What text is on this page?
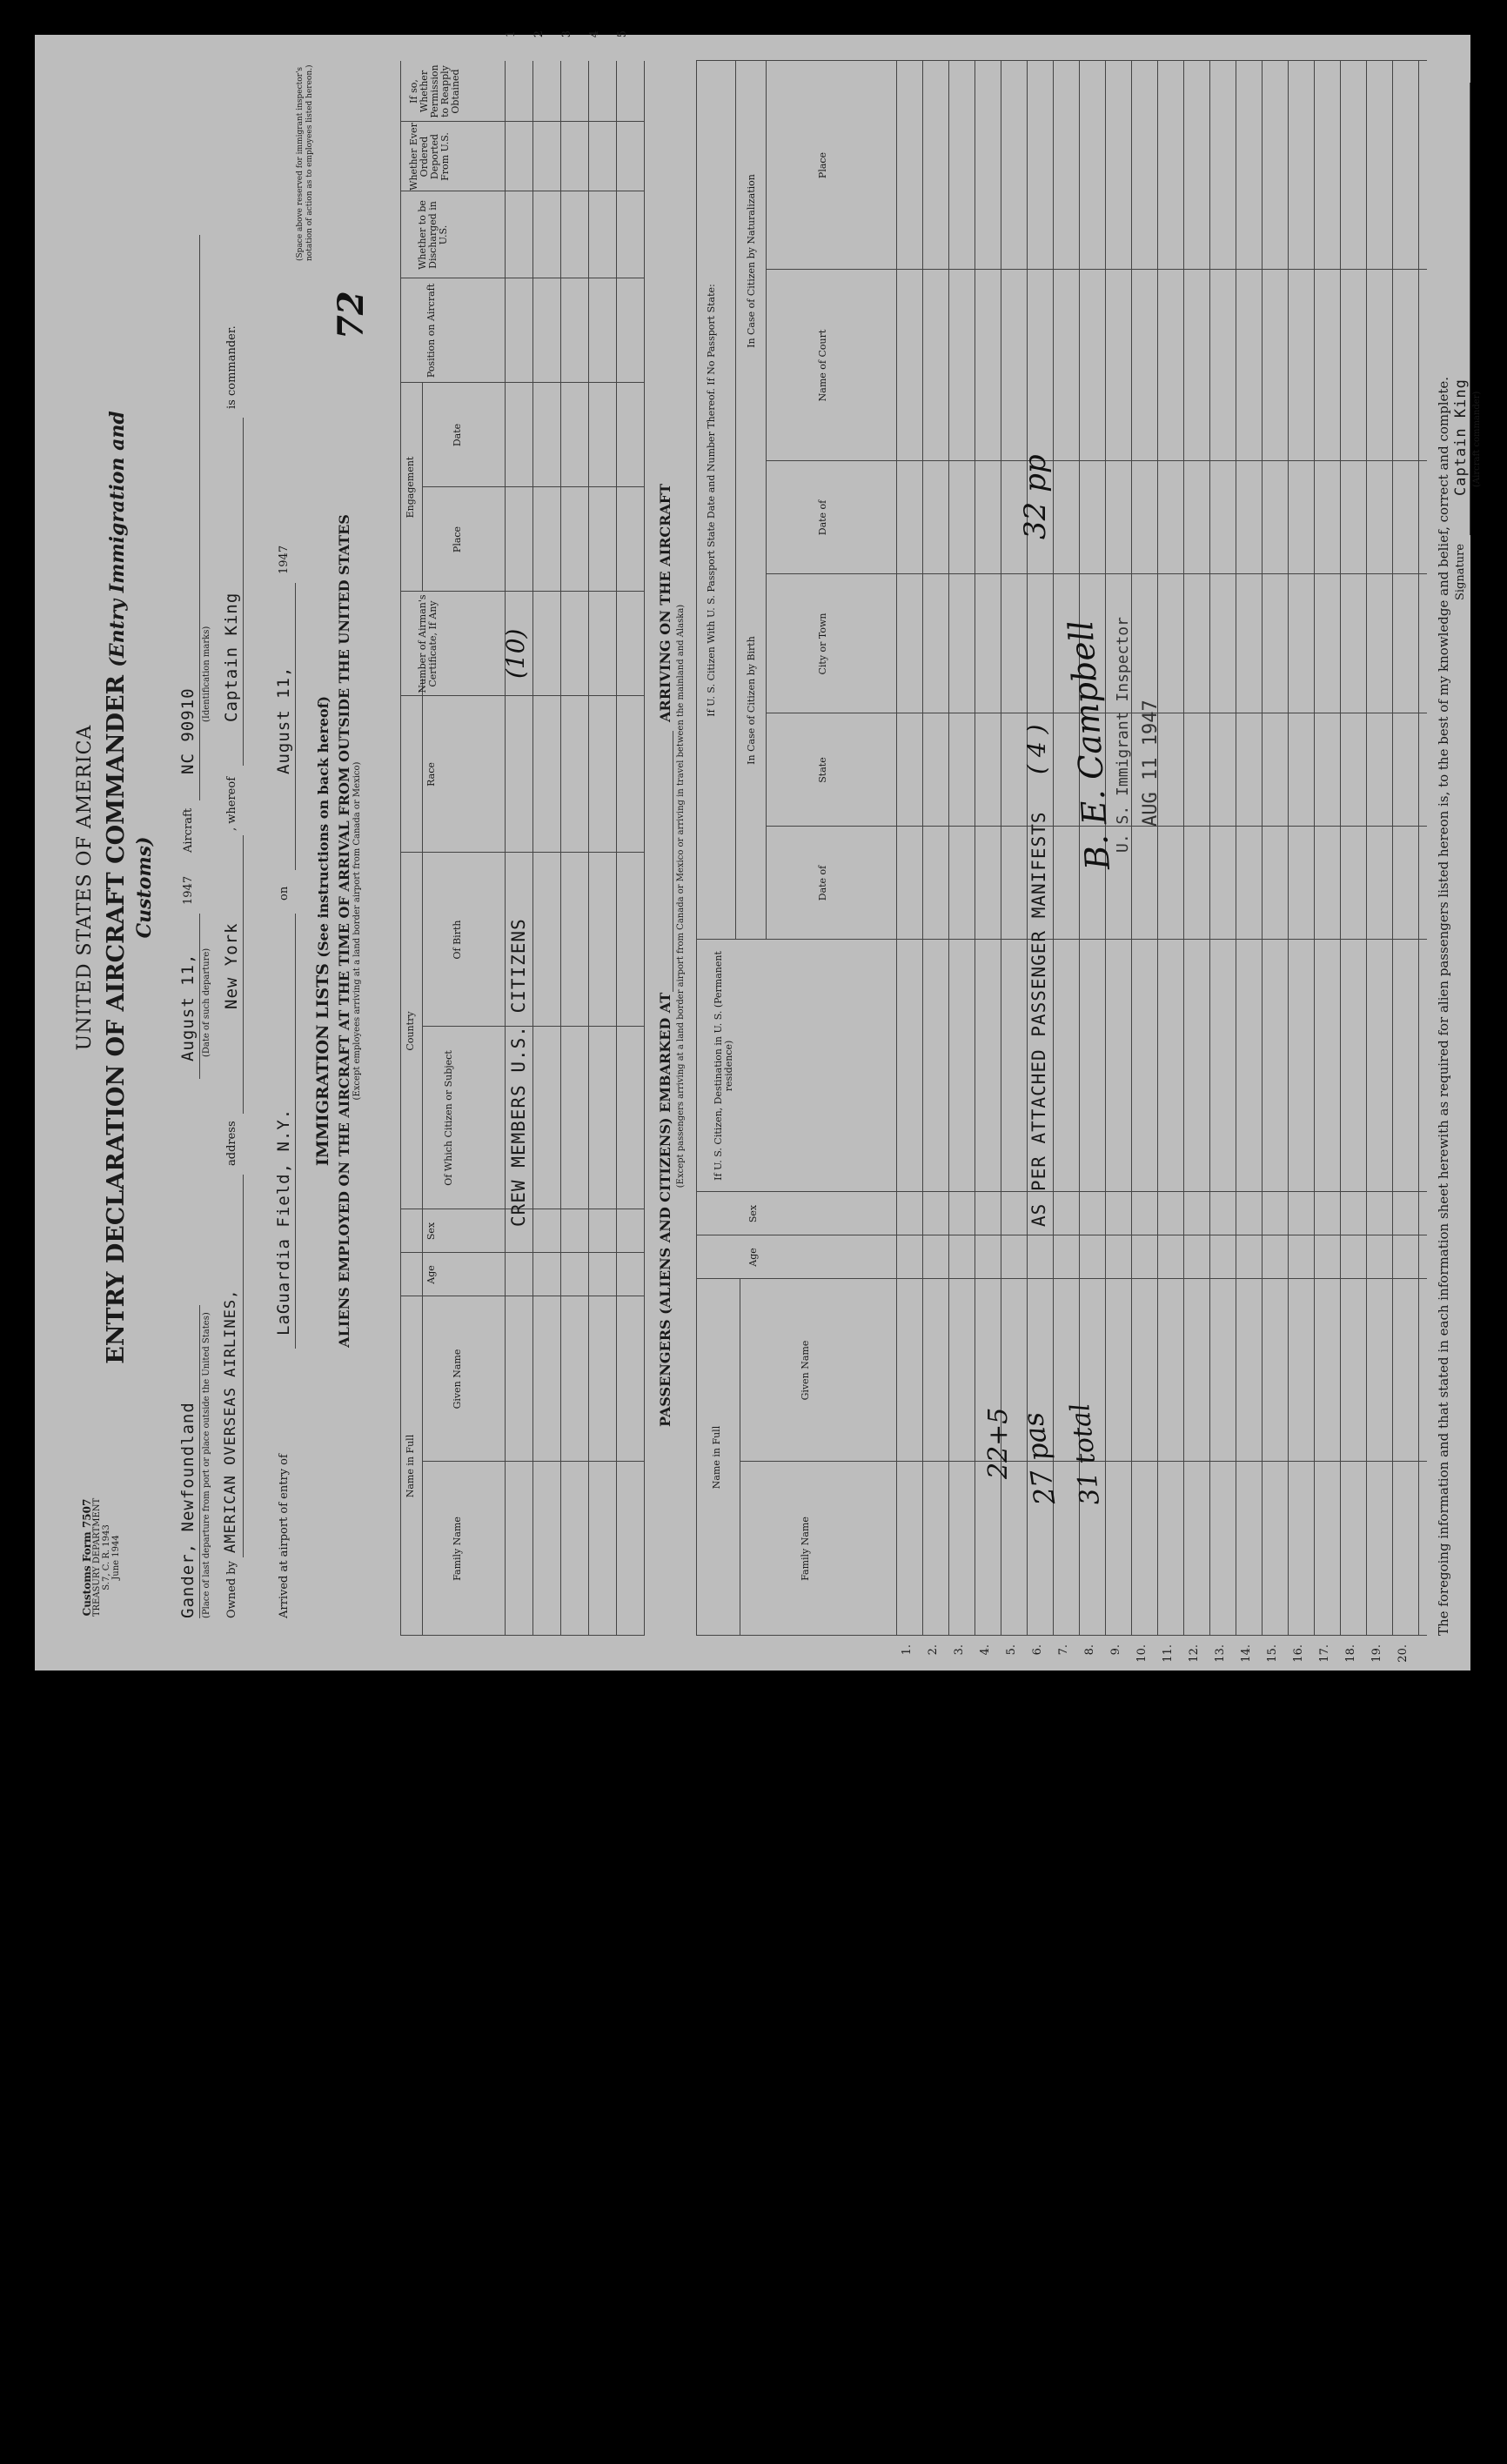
Customs Form 7507 TREASURY DEPARTMENT S.7, C. R. 1943 June 1944
UNITED STATES OF AMERICA ENTRY DECLARATION OF AIRCRAFT COMMANDER (Entry Immigration and Customs)
Gander, Newfoundland (Place of last departure from port or place outside the United States)
August 11, (Date of such departure)
1947
Aircraft
NC 90910
(Identification marks)
Owned by
AMERICAN OVERSEAS AIRLINES,
address
New York
, whereof
Captain King
is commander.
Arrived at airport of entry of
LaGuardia Field, N.Y.
on
August 11,
1947
IMMIGRATION LISTS (See instructions on back hereof) ALIENS EMPLOYED ON THE AIRCRAFT AT THE TIME OF ARRIVAL FROM OUTSIDE THE UNITED STATES (Except employees arriving at a land border airport from Canada or Mexico)
72
(Space above reserved for immigrant inspector's notation of action as to employees listed hereon.)
Name in Full
Family Name
Given Name
Age
Sex
Country
Of Which Citizen or Subject
Of Birth
Race
Number of Airman's Certificate, If Any
Engagement
Place
Date
Position on Aircraft
Whether to be Discharged in U.S.
Whether Ever Ordered Deported From U.S.
If so, Whether Permission to Reapply Obtained
CREW MEMBERS U.S. CITIZENS
(10)
1 2 3 4 5
PASSENGERS (ALIENS AND CITIZENS) EMBARKED AT
ARRIVING ON THE AIRCRAFT
(Except passengers arriving at a land border airport from Canada or Mexico or arriving in travel between the mainland and Alaska)
Name in Full
Family Name
Given Name
Age
Sex
If U. S. Citizen, Destination in U. S. (Permanent residence)
If U. S. Citizen With U. S. Passport State Date and Number Thereof. If No Passport State:	In Case of Citizen by Birth
In Case of Citizen by Naturalization
Date of
State
City or Town
Date of
Name of Court
Place
AS PER ATTACHED PASSENGER MANIFESTS
( 4 )
22+5 27 pas 31 total
32 pp
B. E. Campbell
U. S. Immigrant Inspector AUG 11 1947
1. 2. 3. 4. 5. 6. 7. 8. 9. 10. 11. 12. 13. 14. 15. 16. 17. 18. 19. 20.
The foregoing information and that stated in each information sheet herewith as required for alien passengers listed hereon is, to the best of my knowledge and belief, correct and complete. Signature
Captain King (Aircraft commander)
